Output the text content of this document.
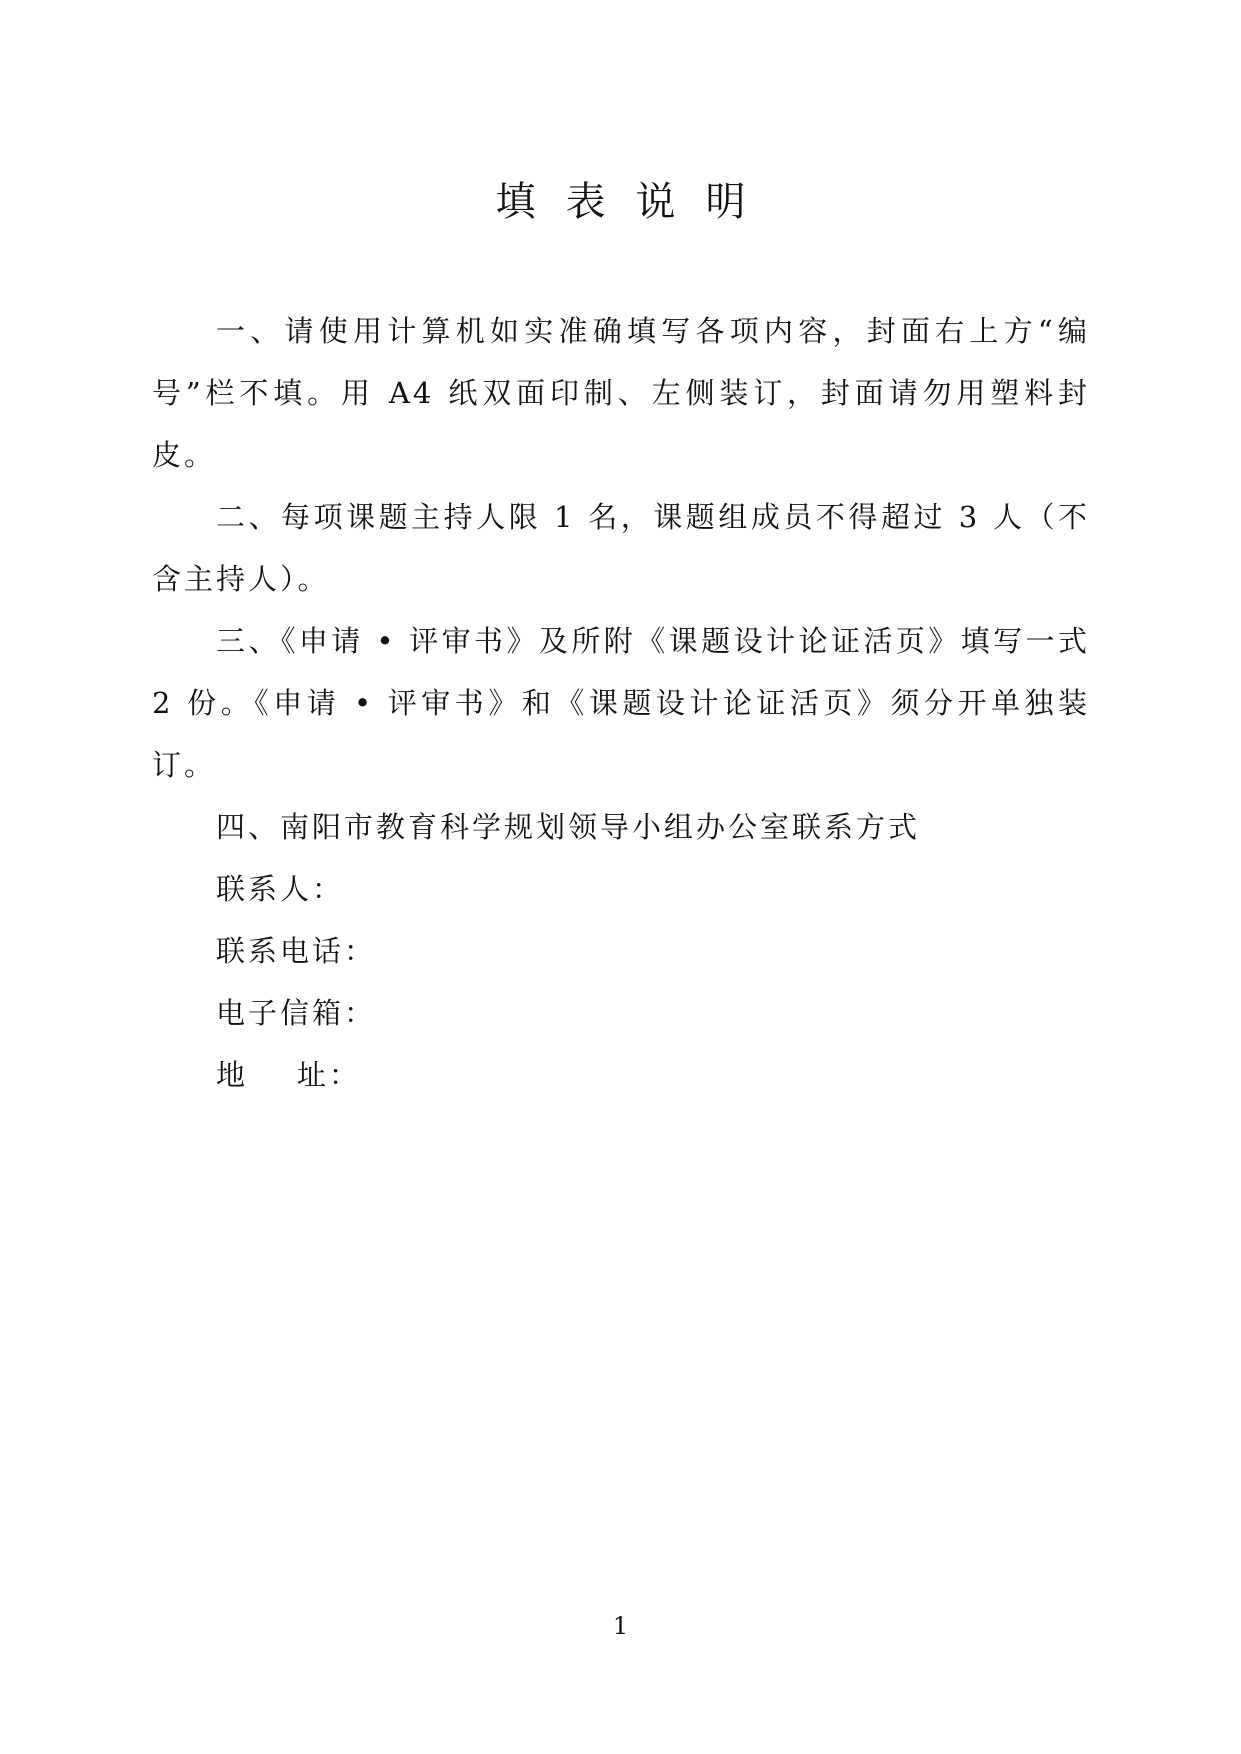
填表说明

一、请使用计算机如实准确填写各项内容，封面右上方“编号”栏不填。用 A4 纸双面印制、左侧装订，封面请勿用塑料封皮。

二、每项课题主持人限 1 名，课题组成员不得超过 3 人（不含主持人）。

三、《申请 • 评审书》及所附《课题设计论证活页》填写一式 2 份。《申请 • 评审书》和《课题设计论证活页》须分开单独装订。

四、南阳市教育科学规划领导小组办公室联系方式

联系人：

联系电话：

电子信箱：

地    址：

1
